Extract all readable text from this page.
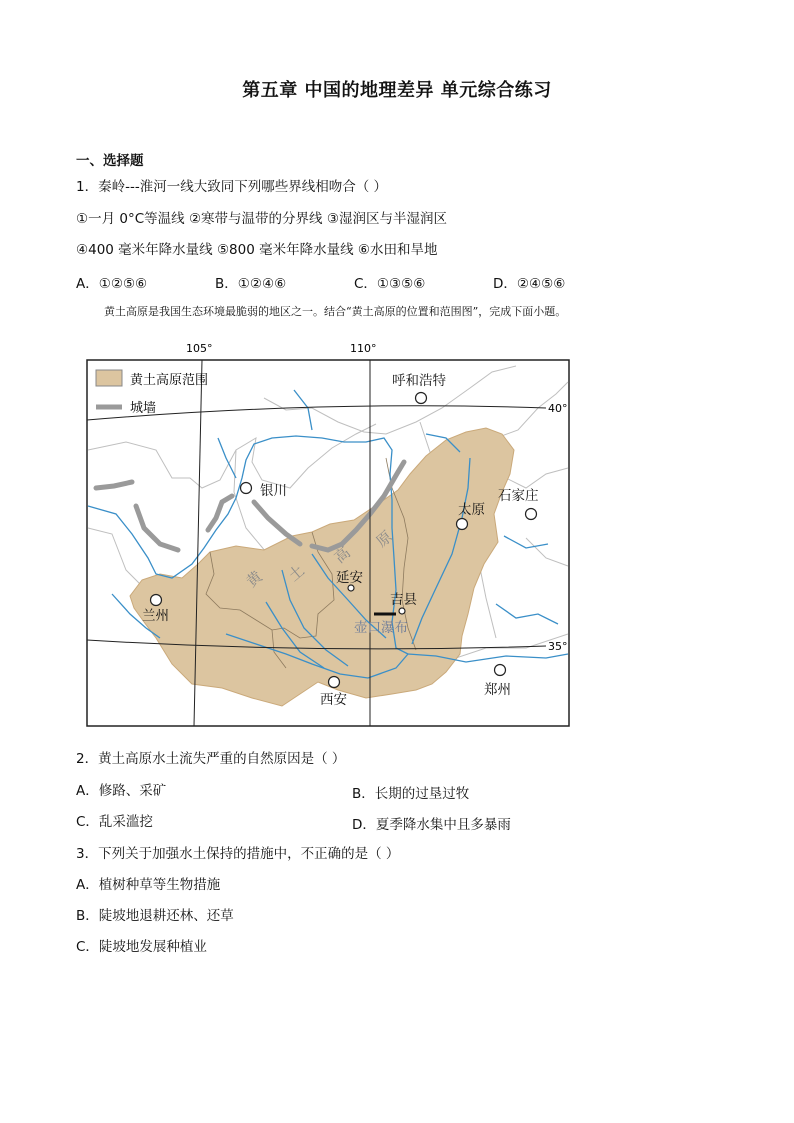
第五章 中国的地理差异 单元综合练习
一、选择题
1．秦岭---淮河一线大致同下列哪些界线相吻合（ ）
①一月 0°C等温线 ②寒带与温带的分界线 ③湿润区与半湿润区
④400 毫米年降水量线 ⑤800 毫米年降水量线 ⑥水田和旱地
A．①②⑤⑥	B．①②④⑥	C．①③⑤⑥	D．②④⑤⑥
黄土高原是我国生态环境最脆弱的地区之一。结合“黄土高原的位置和范围图”，完成下面小题。
105°	110°
40°
35°
黄土高原范围
城墙
呼和浩特
银川
太原
石家庄
延安
兰州
吉县
西安
郑州
壶口瀑布
黄 土
高
原
2．黄土高原水土流失严重的自然原因是（ ）
A．修路、采矿	B．长期的过垦过牧
C．乱采滥挖	D．夏季降水集中且多暴雨
3．下列关于加强水土保持的措施中，不正确的是（ ）
A．植树种草等生物措施
B．陡坡地退耕还林、还草
C．陡坡地发展种植业
